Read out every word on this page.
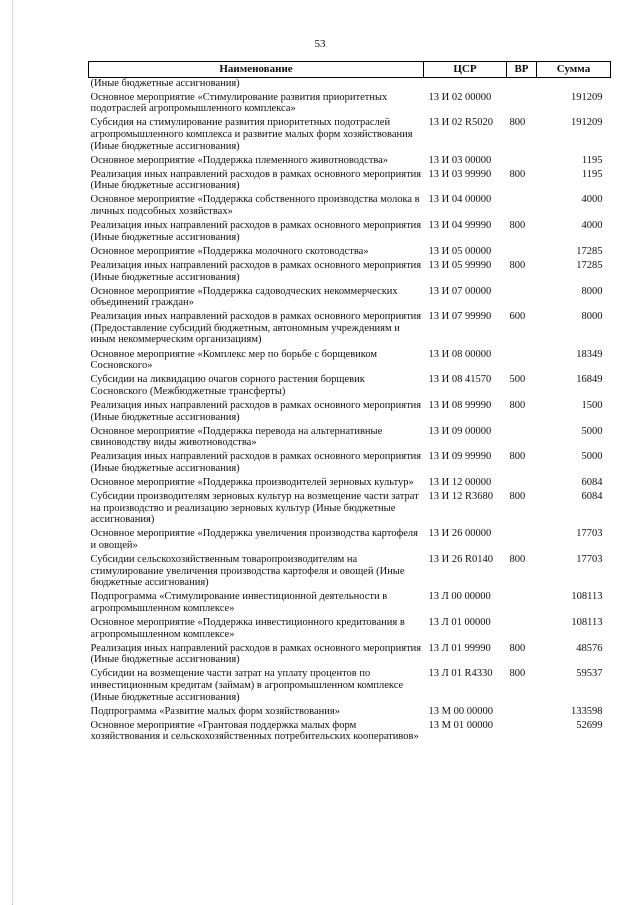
53
Наименование	ЦСР	ВР	Сумма
(Иные бюджетные ассигнования)			
Основное мероприятие «Стимулирование развития приоритетных подотраслей агропромышленного комплекса»	13 И 02 00000		191209
Субсидия на стимулирование развития приоритетных подотраслей агропромышленного комплекса и развитие малых форм хозяйствования (Иные бюджетные ассигнования)	13 И 02 R5020	800	191209
Основное мероприятие «Поддержка племенного животноводства»	13 И 03 00000		1195
Реализация иных направлений расходов в рамках основного мероприятия (Иные бюджетные ассигнования)	13 И 03 99990	800	1195
Основное мероприятие «Поддержка собственного производства молока в личных подсобных хозяйствах»	13 И 04 00000		4000
Реализация иных направлений расходов в рамках основного мероприятия (Иные бюджетные ассигнования)	13 И 04 99990	800	4000
Основное мероприятие «Поддержка молочного скотоводства»	13 И 05 00000		17285
Реализация иных направлений расходов в рамках основного мероприятия (Иные бюджетные ассигнования)	13 И 05 99990	800	17285
Основное мероприятие «Поддержка садоводческих некоммерческих объединений граждан»	13 И 07 00000		8000
Реализация иных направлений расходов в рамках основного мероприятия (Предоставление субсидий бюджетным, автономным учреждениям и иным некоммерческим организациям)	13 И 07 99990	600	8000
Основное мероприятие «Комплекс мер по борьбе с борщевиком Сосновского»	13 И 08 00000		18349
Субсидии на ликвидацию очагов сорного растения борщевик Сосновского (Межбюджетные трансферты)	13 И 08 41570	500	16849
Реализация иных направлений расходов в рамках основного мероприятия (Иные бюджетные ассигнования)	13 И 08 99990	800	1500
Основное мероприятие «Поддержка перевода на альтернативные свиноводству виды животноводства»	13 И 09 00000		5000
Реализация иных направлений расходов в рамках основного мероприятия (Иные бюджетные ассигнования)	13 И 09 99990	800	5000
Основное мероприятие «Поддержка производителей зерновых культур»	13 И 12 00000		6084
Субсидии производителям зерновых культур на возмещение части затрат на производство и реализацию зерновых культур (Иные бюджетные ассигнования)	13 И 12 R3680	800	6084
Основное мероприятие «Поддержка увеличения производства картофеля и овощей»	13 И 26 00000		17703
Субсидии сельскохозяйственным товаропроизводителям на стимулирование увеличения производства картофеля и овощей (Иные бюджетные ассигнования)	13 И 26 R0140	800	17703
Подпрограмма «Стимулирование инвестиционной деятельности в агропромышленном комплексе»	13 Л 00 00000		108113
Основное мероприятие «Поддержка инвестиционного кредитования в агропромышленном комплексе»	13 Л 01 00000		108113
Реализация иных направлений расходов в рамках основного мероприятия (Иные бюджетные ассигнования)	13 Л 01 99990	800	48576
Субсидии на возмещение части затрат на уплату процентов по инвестиционным кредитам (займам) в агропромышленном комплексе (Иные бюджетные ассигнования)	13 Л 01 R4330	800	59537
Подпрограмма «Развитие малых форм хозяйствования»	13 М 00 00000		133598
Основное мероприятие «Грантовая поддержка малых форм хозяйствования и сельскохозяйственных потребительских кооперативов»	13 М 01 00000		52699
